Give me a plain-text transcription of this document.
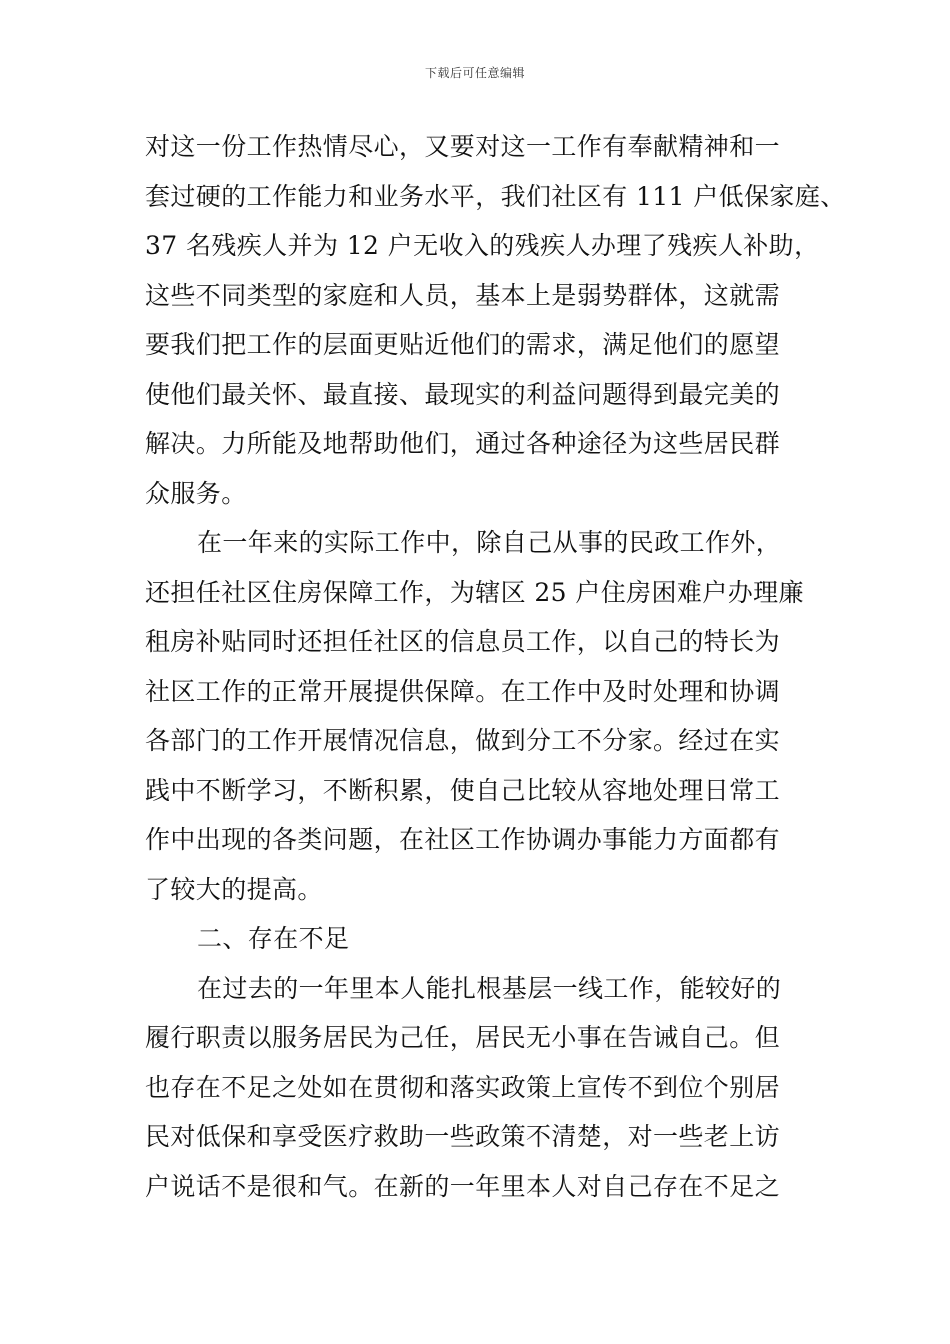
下载后可任意编辑
对这一份工作热情尽心，又要对这一工作有奉献精神和一
套过硬的工作能力和业务水平，我们社区有 111 户低保家庭、
37 名残疾人并为 12 户无收入的残疾人办理了残疾人补助，
这些不同类型的家庭和人员，基本上是弱势群体，这就需
要我们把工作的层面更贴近他们的需求，满足他们的愿望
使他们最关怀、最直接、最现实的利益问题得到最完美的
解决。力所能及地帮助他们，通过各种途径为这些居民群
众服务。
在一年来的实际工作中，除自己从事的民政工作外，
还担任社区住房保障工作，为辖区 25 户住房困难户办理廉
租房补贴同时还担任社区的信息员工作，以自己的特长为
社区工作的正常开展提供保障。在工作中及时处理和协调
各部门的工作开展情况信息，做到分工不分家。经过在实
践中不断学习，不断积累，使自己比较从容地处理日常工
作中出现的各类问题，在社区工作协调办事能力方面都有
了较大的提高。
二、存在不足
在过去的一年里本人能扎根基层一线工作，能较好的
履行职责以服务居民为己任，居民无小事在告诫自己。但
也存在不足之处如在贯彻和落实政策上宣传不到位个别居
民对低保和享受医疗救助一些政策不清楚，对一些老上访
户说话不是很和气。在新的一年里本人对自己存在不足之
